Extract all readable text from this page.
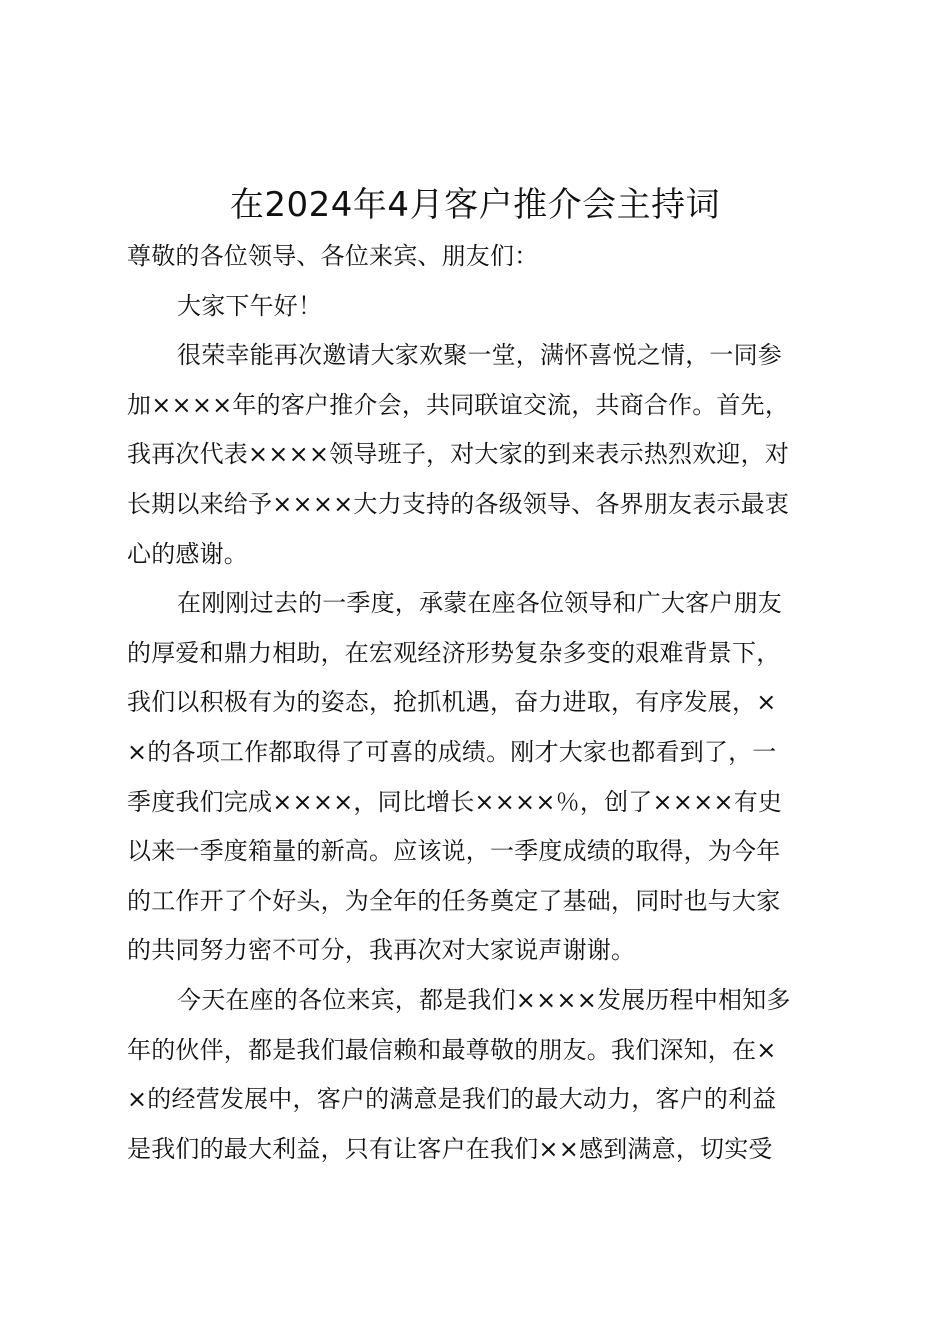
在2024年4月客户推介会主持词
尊敬的各位领导、各位来宾、朋友们：
大家下午好！
很荣幸能再次邀请大家欢聚一堂，满怀喜悦之情，一同参
加××××年的客户推介会，共同联谊交流，共商合作。首先，
我再次代表××××领导班子，对大家的到来表示热烈欢迎，对
长期以来给予××××大力支持的各级领导、各界朋友表示最衷
心的感谢。
在刚刚过去的一季度，承蒙在座各位领导和广大客户朋友
的厚爱和鼎力相助，在宏观经济形势复杂多变的艰难背景下，
我们以积极有为的姿态，抢抓机遇，奋力进取，有序发展，×
×的各项工作都取得了可喜的成绩。刚才大家也都看到了，一
季度我们完成××××，同比增长××××％，创了××××有史
以来一季度箱量的新高。应该说，一季度成绩的取得，为今年
的工作开了个好头，为全年的任务奠定了基础，同时也与大家
的共同努力密不可分，我再次对大家说声谢谢。
今天在座的各位来宾，都是我们××××发展历程中相知多
年的伙伴，都是我们最信赖和最尊敬的朋友。我们深知，在×
×的经营发展中，客户的满意是我们的最大动力，客户的利益
是我们的最大利益，只有让客户在我们××感到满意，切实受
